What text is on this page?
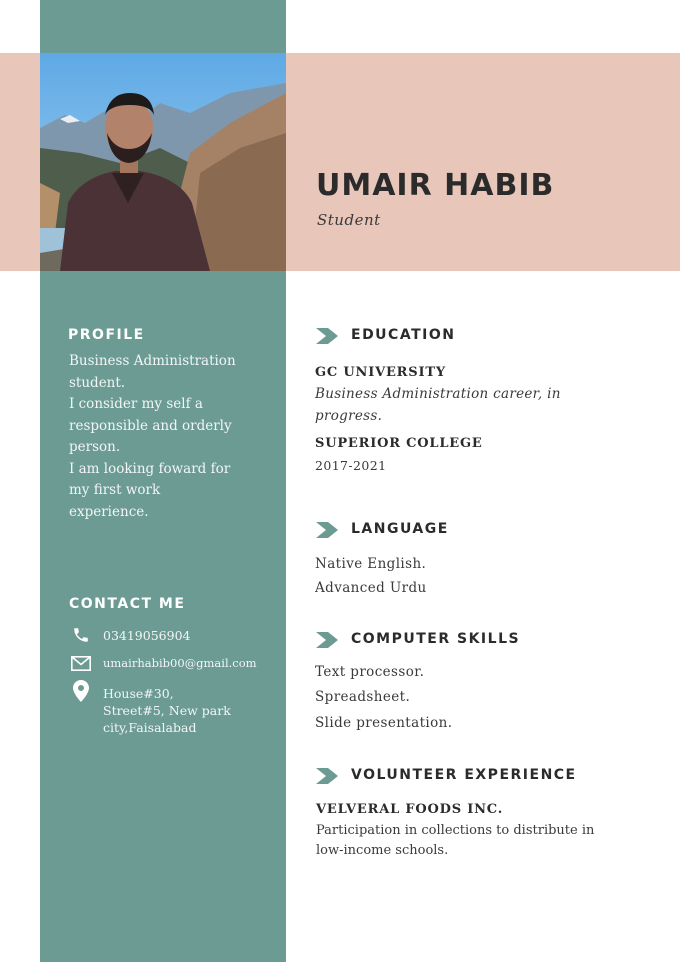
UMAIR HABIB
Student
PROFILE
Business Administration
student.
I consider my self a
responsible and orderly
person.
I am looking foward for
my first work
experience.
CONTACT ME
03419056904
umairhabib00@gmail.com
House#30,
Street#5, New park
city,Faisalabad
EDUCATION
GC UNIVERSITY
Business Administration career, in
progress.
SUPERIOR COLLEGE
2017-2021
LANGUAGE
Native English.
Advanced Urdu
COMPUTER SKILLS
Text processor.
Spreadsheet.
Slide presentation.
VOLUNTEER EXPERIENCE
VELVERAL FOODS INC.
Participation in collections to distribute in
low-income schools.
